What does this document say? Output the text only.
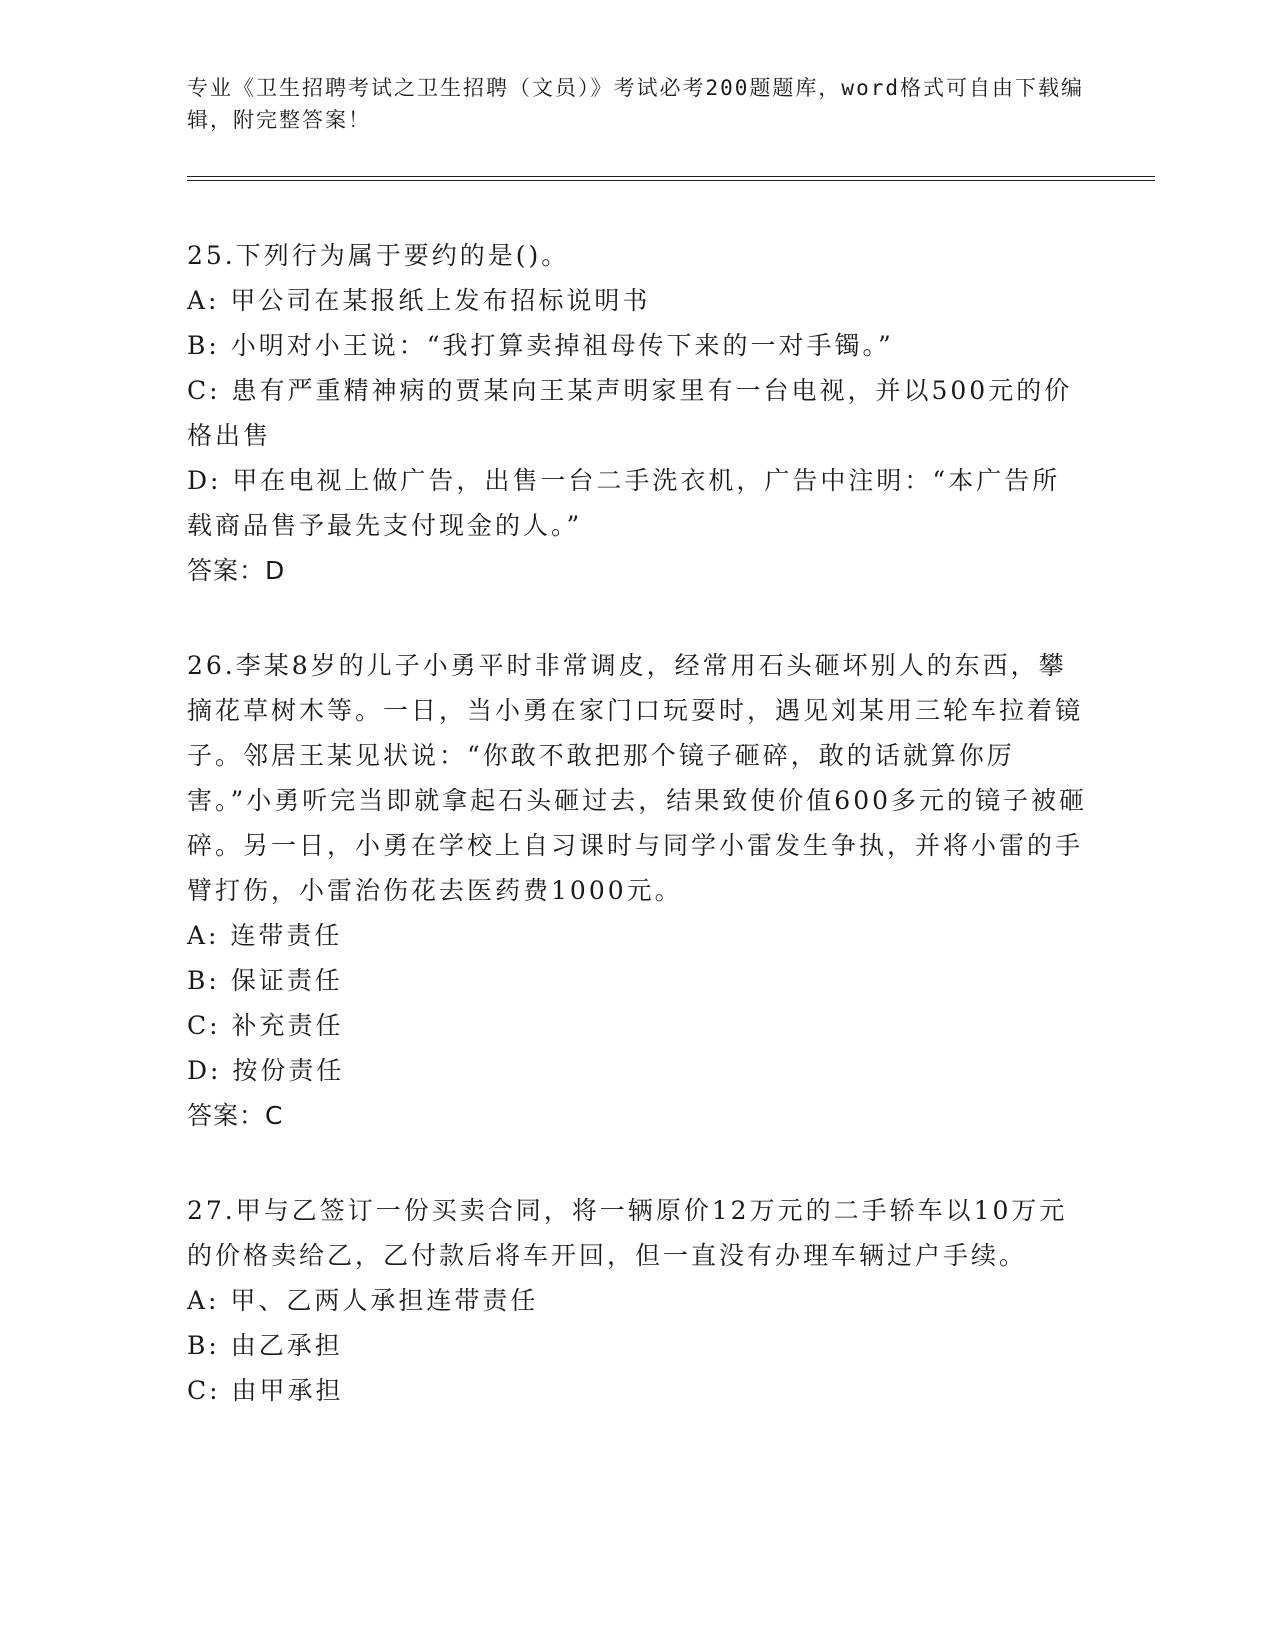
专业《卫生招聘考试之卫生招聘（文员）》考试必考200题题库，word格式可自由下载编辑，附完整答案！
25.下列行为属于要约的是()。
A: 甲公司在某报纸上发布招标说明书
B: 小明对小王说：“我打算卖掉祖母传下来的一对手镯。”
C: 患有严重精神病的贾某向王某声明家里有一台电视，并以500元的价格出售
D: 甲在电视上做广告，出售一台二手洗衣机，广告中注明：“本广告所载商品售予最先支付现金的人。”
答案：D
26.李某8岁的儿子小勇平时非常调皮，经常用石头砸坏别人的东西，攀摘花草树木等。一日，当小勇在家门口玩耍时，遇见刘某用三轮车拉着镜子。邻居王某见状说：“你敢不敢把那个镜子砸碎，敢的话就算你厉害。”小勇听完当即就拿起石头砸过去，结果致使价值600多元的镜子被砸碎。另一日，小勇在学校上自习课时与同学小雷发生争执，并将小雷的手臂打伤，小雷治伤花去医药费1000元。
A: 连带责任
B: 保证责任
C: 补充责任
D: 按份责任
答案：C
27.甲与乙签订一份买卖合同，将一辆原价12万元的二手轿车以10万元的价格卖给乙，乙付款后将车开回，但一直没有办理车辆过户手续。
A: 甲、乙两人承担连带责任
B: 由乙承担
C: 由甲承担
